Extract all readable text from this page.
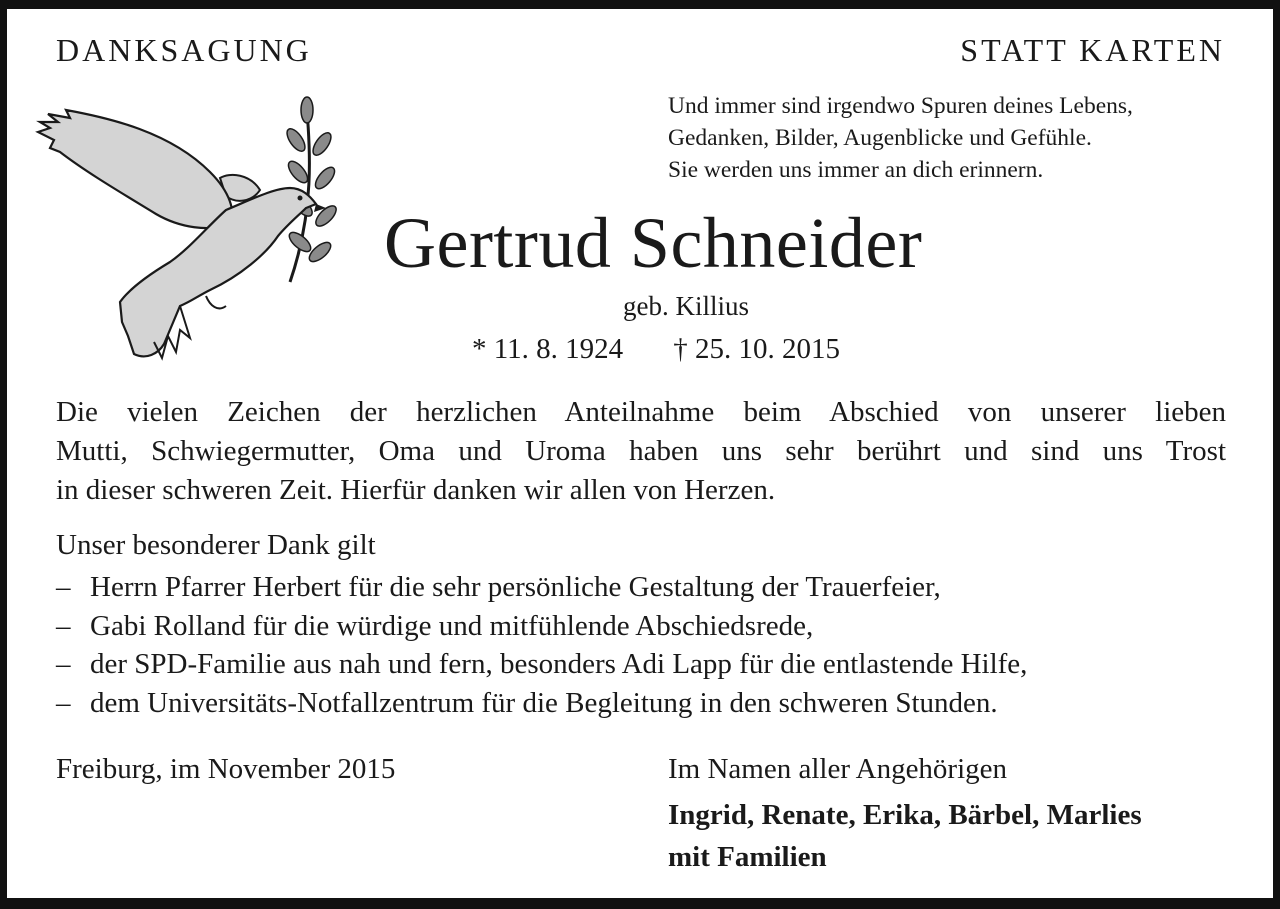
DANKSAGUNG	STATT KARTEN

Und immer sind irgendwo Spuren deines Lebens,
Gedanken, Bilder, Augenblicke und Gefühle.
Sie werden uns immer an dich erinnern.

Gertrud Schneider

geb. Killius

* 11. 8. 1924 † 25. 10. 2015

Die vielen Zeichen der herzlichen Anteilnahme beim Abschied von unserer lieben
Mutti, Schwiegermutter, Oma und Uroma haben uns sehr berührt und sind uns Trost
in dieser schweren Zeit. Hierfür danken wir allen von Herzen.

Unser besonderer Dank gilt

– Herrn Pfarrer Herbert für die sehr persönliche Gestaltung der Trauerfeier,
– Gabi Rolland für die würdige und mitfühlende Abschiedsrede,
– der SPD-Familie aus nah und fern, besonders Adi Lapp für die entlastende Hilfe,
– dem Universitäts-Notfallzentrum für die Begleitung in den schweren Stunden.

Freiburg, im November 2015	Im Namen aller Angehörigen

Ingrid, Renate, Erika, Bärbel, Marlies
mit Familien
